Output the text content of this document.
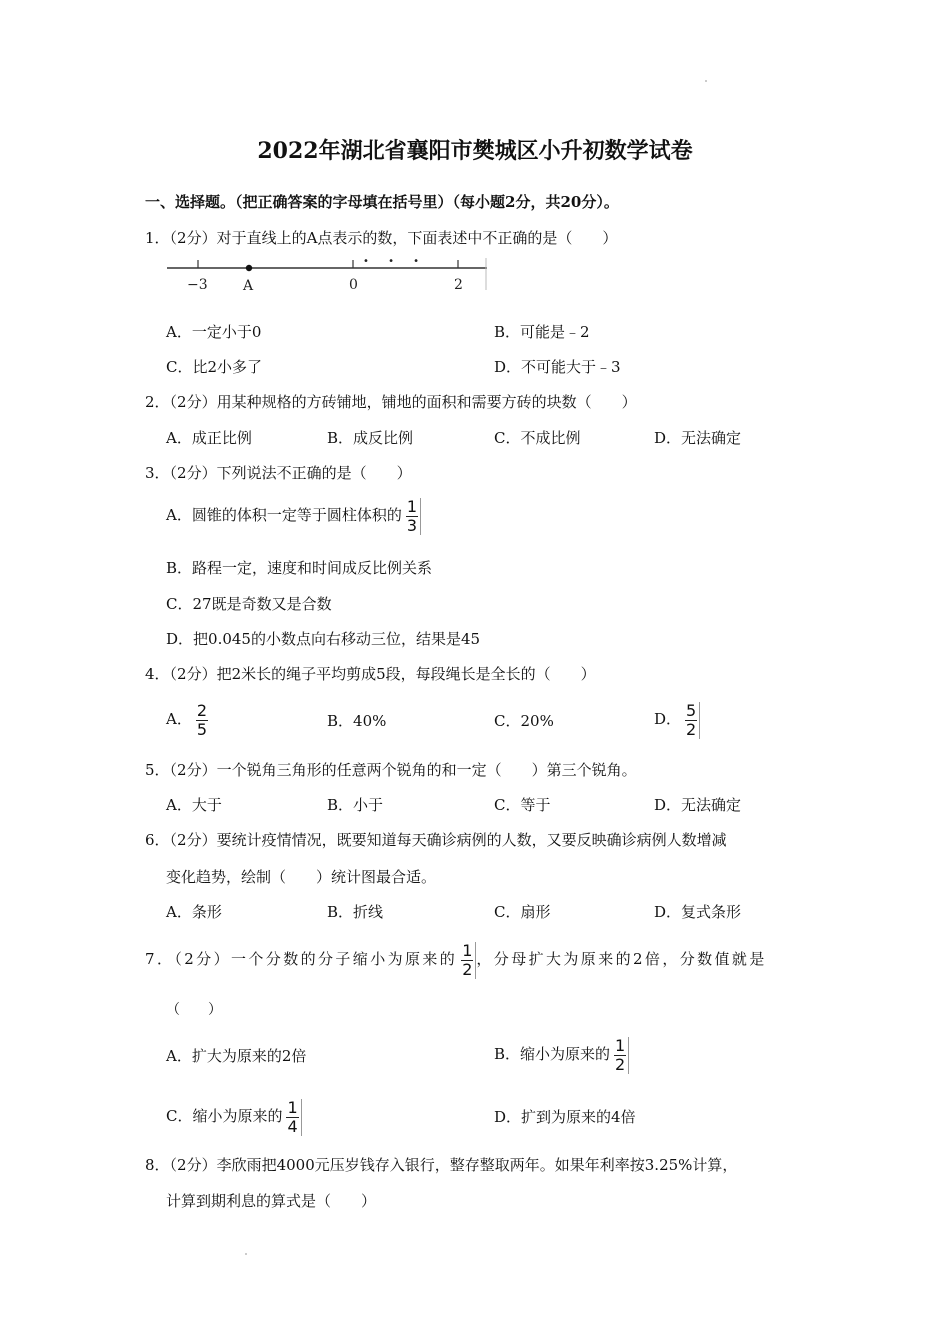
2022年湖北省襄阳市樊城区小升初数学试卷
一、选择题。（把正确答案的字母填在括号里）（每小题2分，共20分）。
1．（2分）对于直线上的A点表示的数，下面表述中不正确的是（　　）
−3	A	0	2
• • •
A．一定小于0	B．可能是﹣2
C．比2小多了	D．不可能大于﹣3
2．（2分）用某种规格的方砖铺地，铺地的面积和需要方砖的块数（　　）
A．成正比例	B．成反比例	C．不成比例	D．无法确定
3．（2分）下列说法不正确的是（　　）
A．圆锥的体积一定等于圆柱体积的 $\frac{1}{3}$
B．路程一定，速度和时间成反比例关系
C．27既是奇数又是合数
D．把0.045的小数点向右移动三位，结果是45
4．（2分）把2米长的绳子平均剪成5段，每段绳长是全长的（　　）
A． $\frac{2}{5}$	B．40%	C．20%	D． $\frac{5}{2}$
5．（2分）一个锐角三角形的任意两个锐角的和一定（　　）第三个锐角。
A．大于	B．小于	C．等于	D．无法确定
6．（2分）要统计疫情情况，既要知道每天确诊病例的人数，又要反映确诊病例人数增减
变化趋势，绘制（　　）统计图最合适。
A．条形	B．折线	C．扇形	D．复式条形
7．（2分）一个分数的分子缩小为原来的 $\frac{1}{2}$ ，分母扩大为原来的2倍，分数值就是
（　　）
A．扩大为原来的2倍	B．缩小为原来的 $\frac{1}{2}$
C．缩小为原来的 $\frac{1}{4}$	D．扩到为原来的4倍
8．（2分）李欣雨把4000元压岁钱存入银行，整存整取两年。如果年利率按3.25%计算，
计算到期利息的算式是（　　）
